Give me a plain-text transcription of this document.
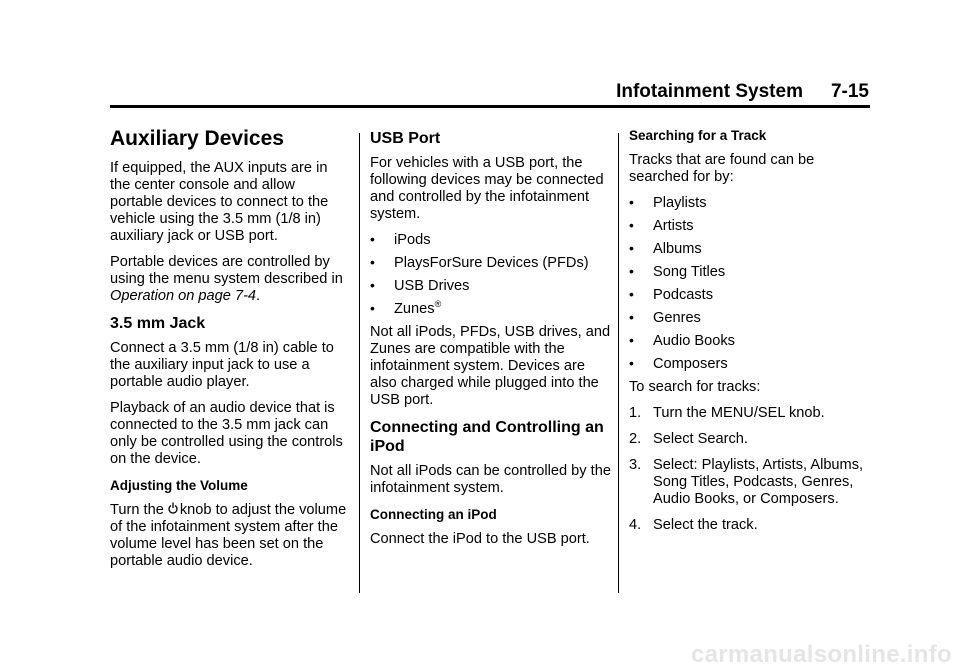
Infotainment System 7-15
Auxiliary Devices

If equipped, the AUX inputs are in the center console and allow portable devices to connect to the vehicle using the 3.5 mm (1/8 in) auxiliary jack or USB port.

Portable devices are controlled by using the menu system described in Operation on page 7-4.

3.5 mm Jack

Connect a 3.5 mm (1/8 in) cable to the auxiliary input jack to use a portable audio player.

Playback of an audio device that is connected to the 3.5 mm jack can only be controlled using the controls on the device.

Adjusting the Volume

Turn the knob to adjust the volume of the infotainment system after the volume level has been set on the portable audio device.

USB Port

For vehicles with a USB port, the following devices may be connected and controlled by the infotainment system.

• iPods
• PlaysForSure Devices (PFDs)
• USB Drives
• Zunes®

Not all iPods, PFDs, USB drives, and Zunes are compatible with the infotainment system. Devices are also charged while plugged into the USB port.

Connecting and Controlling an iPod

Not all iPods can be controlled by the infotainment system.

Connecting an iPod

Connect the iPod to the USB port.

Searching for a Track

Tracks that are found can be searched for by:

• Playlists
• Artists
• Albums
• Song Titles
• Podcasts
• Genres
• Audio Books
• Composers

To search for tracks:

1. Turn the MENU/SEL knob.
2. Select Search.
3. Select: Playlists, Artists, Albums, Song Titles, Podcasts, Genres, Audio Books, or Composers.
4. Select the track.
carmanualsonline.info
